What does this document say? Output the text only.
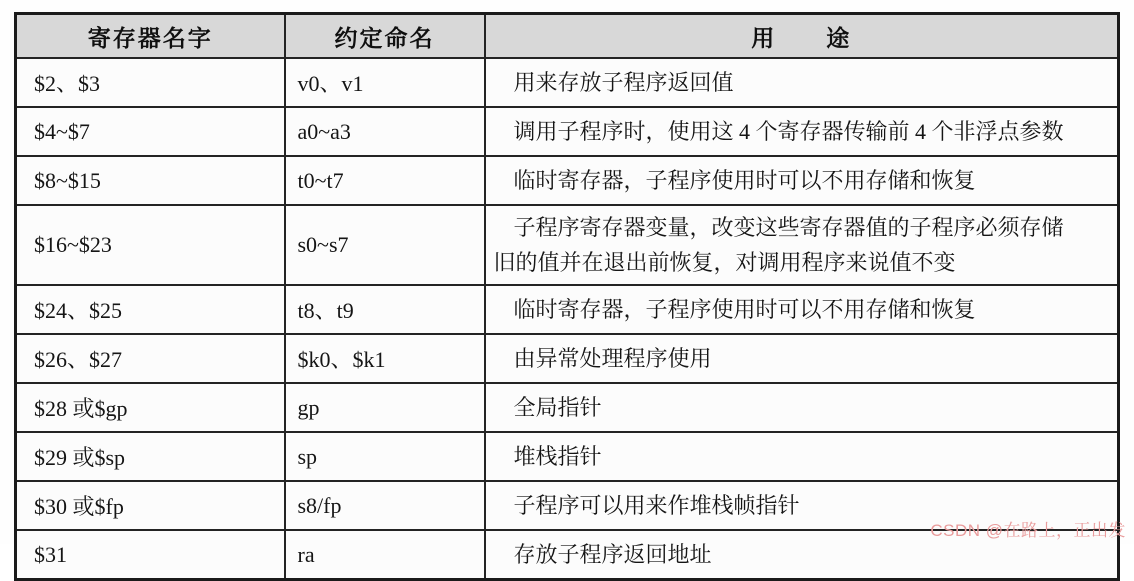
寄存器名字	约定命名	用　　途
$2、$3	v0、v1	用来存放子程序返回值
$4~$7	a0~a3	调用子程序时，使用这 4 个寄存器传输前 4 个非浮点参数
$8~$15	t0~t7	临时寄存器，子程序使用时可以不用存储和恢复
$16~$23	s0~s7	子程序寄存器变量，改变这些寄存器值的子程序必须存储旧的值并在退出前恢复，对调用程序来说值不变
$24、$25	t8、t9	临时寄存器，子程序使用时可以不用存储和恢复
$26、$27	$k0、$k1	由异常处理程序使用
$28 或$gp	gp	全局指针
$29 或$sp	sp	堆栈指针
$30 或$fp	s8/fp	子程序可以用来作堆栈帧指针
$31	ra	存放子程序返回地址
CSDN @在路上，正出发
